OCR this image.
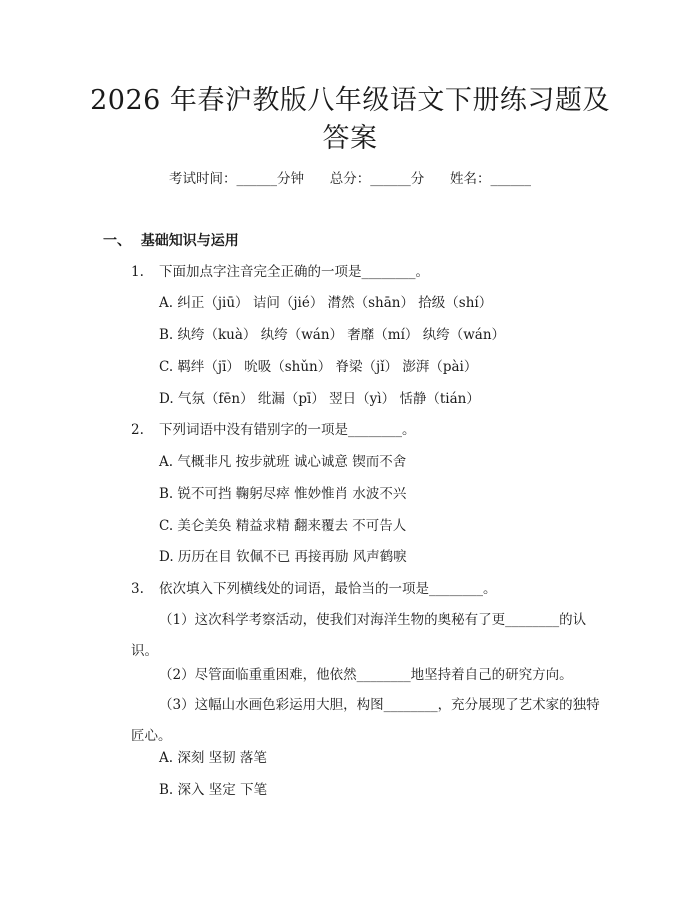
2026 年春沪教版八年级语文下册练习题及答案
考试时间：______分钟 总分：______分 姓名：______
一、  基础知识与运用
1. 下面加点字注音完全正确的一项是________。
A. 纠正（jiū） 诘问（jié） 潸然（shān） 拾级（shí）
B. 纨绔（kuà） 纨绔（wán） 奢靡（mí） 纨绔（wán）
C. 羁绊（jī） 吮吸（shǔn） 脊梁（jǐ） 澎湃（pài）
D. 气氛（fēn） 纰漏（pī） 翌日（yì） 恬静（tián）
2. 下列词语中没有错别字的一项是________。
A. 气概非凡 按步就班 诚心诚意 锲而不舍
B. 锐不可挡 鞠躬尽瘁 惟妙惟肖 水波不兴
C. 美仑美奂 精益求精 翻来覆去 不可告人
D. 历历在目 钦佩不已 再接再励 风声鹤唳
3. 依次填入下列横线处的词语，最恰当的一项是________。
（1）这次科学考察活动，使我们对海洋生物的奥秘有了更________的认识。
（2）尽管面临重重困难，他依然________地坚持着自己的研究方向。
（3）这幅山水画色彩运用大胆，构图________，充分展现了艺术家的独特匠心。
A. 深刻 坚韧 落笔
B. 深入 坚定 下笔
